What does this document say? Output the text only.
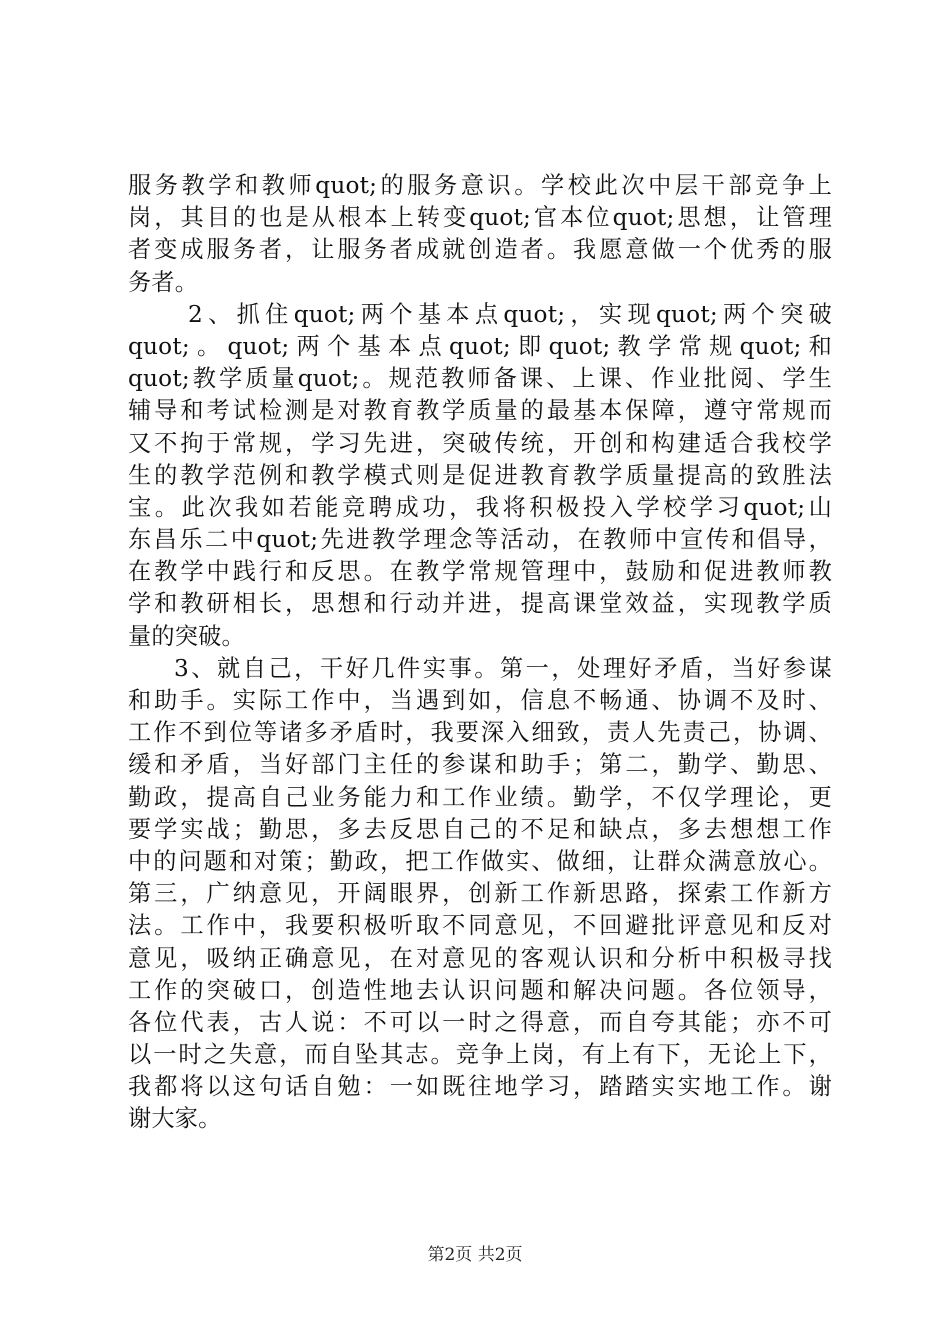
服务教学和教师quot;的服务意识。学校此次中层干部竞争上
岗，其目的也是从根本上转变quot;官本位quot;思想，让管理
者变成服务者，让服务者成就创造者。我愿意做一个优秀的服
务者。
2、抓住quot;两个基本点quot;，实现quot;两个突破
quot;。quot;两个基本点quot;即quot;教学常规quot;和
quot;教学质量quot;。规范教师备课、上课、作业批阅、学生
辅导和考试检测是对教育教学质量的最基本保障，遵守常规而
又不拘于常规，学习先进，突破传统，开创和构建适合我校学
生的教学范例和教学模式则是促进教育教学质量提高的致胜法
宝。此次我如若能竞聘成功，我将积极投入学校学习quot;山
东昌乐二中quot;先进教学理念等活动，在教师中宣传和倡导，
在教学中践行和反思。在教学常规管理中，鼓励和促进教师教
学和教研相长，思想和行动并进，提高课堂效益，实现教学质
量的突破。
3、就自己，干好几件实事。第一，处理好矛盾，当好参谋
和助手。实际工作中，当遇到如，信息不畅通、协调不及时、
工作不到位等诸多矛盾时，我要深入细致，责人先责己，协调、
缓和矛盾，当好部门主任的参谋和助手；第二，勤学、勤思、
勤政，提高自己业务能力和工作业绩。勤学，不仅学理论，更
要学实战；勤思，多去反思自己的不足和缺点，多去想想工作
中的问题和对策；勤政，把工作做实、做细，让群众满意放心。
第三，广纳意见，开阔眼界，创新工作新思路，探索工作新方
法。工作中，我要积极听取不同意见，不回避批评意见和反对
意见，吸纳正确意见，在对意见的客观认识和分析中积极寻找
工作的突破口，创造性地去认识问题和解决问题。各位领导，
各位代表，古人说：不可以一时之得意，而自夸其能；亦不可
以一时之失意，而自坠其志。竞争上岗，有上有下，无论上下，
我都将以这句话自勉：一如既往地学习，踏踏实实地工作。谢
谢大家。
第2页 共2页
